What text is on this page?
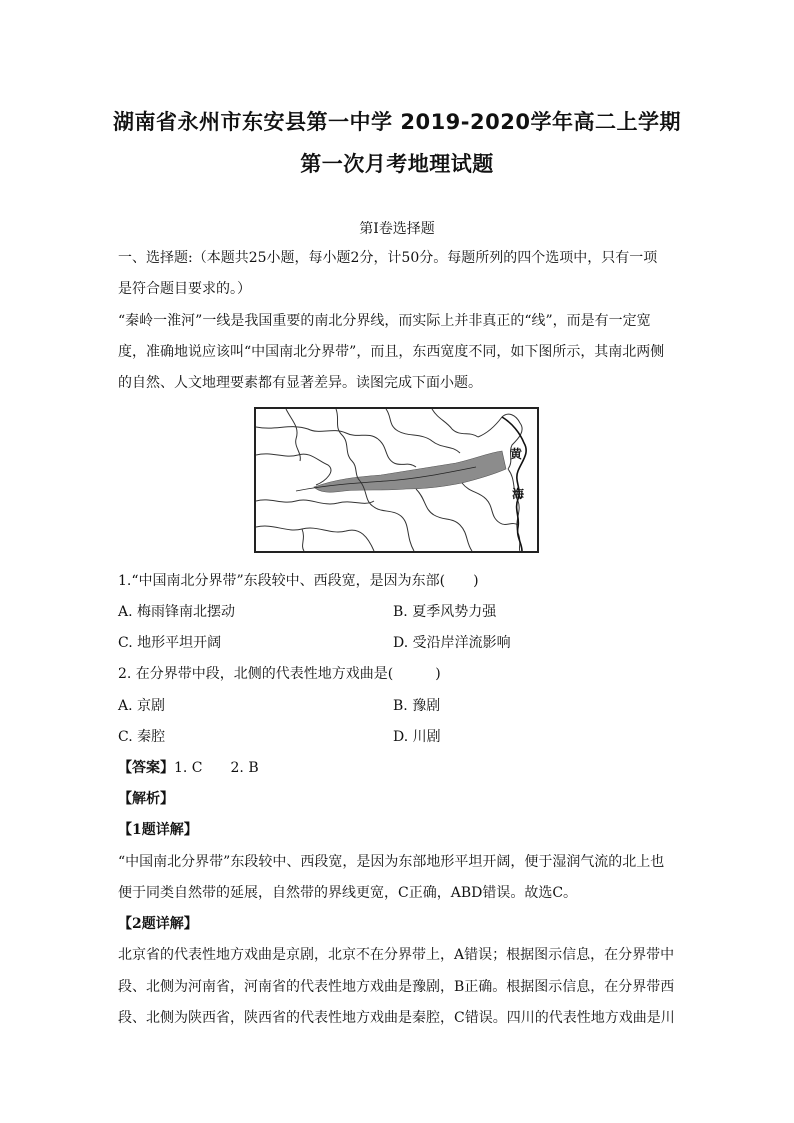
湖南省永州市东安县第一中学 2019-2020学年高二上学期
第一次月考地理试题
第I卷选择题
一、选择题:（本题共25小题，每小题2分，计50分。每题所列的四个选项中，只有一项
是符合题目要求的。）
“秦岭一淮河”一线是我国重要的南北分界线，而实际上并非真正的“线”，而是有一定宽
度，准确地说应该叫“中国南北分界带”，而且，东西宽度不同，如下图所示，其南北两侧
的自然、人文地理要素都有显著差异。读图完成下面小题。
黄
海
1.“中国南北分界带”东段较中、西段宽，是因为东部(　　)
A. 梅雨锋南北摆动	B. 夏季风势力强
C. 地形平坦开阔	D. 受沿岸洋流影响
2. 在分界带中段，北侧的代表性地方戏曲是(　　　)
A. 京剧	B. 豫剧
C. 秦腔	D. 川剧
【答案】1. C　　2. B
【解析】
【1题详解】
“中国南北分界带”东段较中、西段宽，是因为东部地形平坦开阔，便于湿润气流的北上也
便于同类自然带的延展，自然带的界线更宽，C正确，ABD错误。故选C。
【2题详解】
北京省的代表性地方戏曲是京剧，北京不在分界带上，A错误；根据图示信息，在分界带中
段、北侧为河南省，河南省的代表性地方戏曲是豫剧，B正确。根据图示信息，在分界带西
段、北侧为陕西省，陕西省的代表性地方戏曲是秦腔，C错误。四川的代表性地方戏曲是川
